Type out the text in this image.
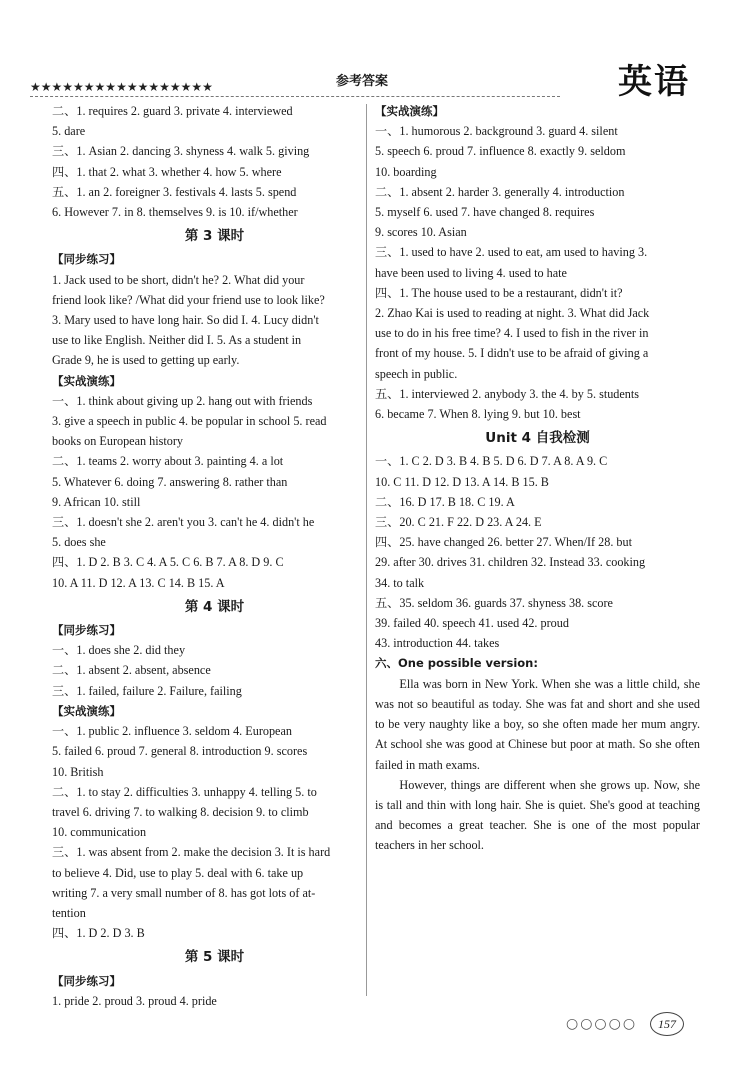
★★★★★★★★★★★★★★★★★	参考答案	英语
二、1. requires 2. guard 3. private 4. interviewed
5. dare
三、1. Asian 2. dancing 3. shyness 4. walk 5. giving
四、1. that 2. what 3. whether 4. how 5. where
五、1. an 2. foreigner 3. festivals 4. lasts 5. spend
6. However 7. in 8. themselves 9. is 10. if/whether
第 3 课时
【同步练习】
1. Jack used to be short, didn't he? 2. What did your
friend look like? /What did your friend use to look like?
3. Mary used to have long hair. So did I. 4. Lucy didn't
use to like English. Neither did I. 5. As a student in
Grade 9, he is used to getting up early.
【实战演练】
一、1. think about giving up 2. hang out with friends
3. give a speech in public 4. be popular in school 5. read
books on European history
二、1. teams 2. worry about 3. painting 4. a lot
5. Whatever 6. doing 7. answering 8. rather than
9. African 10. still
三、1. doesn't she 2. aren't you 3. can't he 4. didn't he
5. does she
四、1. D 2. B 3. C 4. A 5. C 6. B 7. A 8. D 9. C
10. A 11. D 12. A 13. C 14. B 15. A
第 4 课时
【同步练习】
一、1. does she 2. did they
二、1. absent 2. absent, absence
三、1. failed, failure 2. Failure, failing
【实战演练】
一、1. public 2. influence 3. seldom 4. European
5. failed 6. proud 7. general 8. introduction 9. scores
10. British
二、1. to stay 2. difficulties 3. unhappy 4. telling 5. to
travel 6. driving 7. to walking 8. decision 9. to climb
10. communication
三、1. was absent from 2. make the decision 3. It is hard
to believe 4. Did, use to play 5. deal with 6. take up
writing 7. a very small number of 8. has got lots of at-
tention
四、1. D 2. D 3. B
第 5 课时
【同步练习】
1. pride 2. proud 3. proud 4. pride
【实战演练】
一、1. humorous 2. background 3. guard 4. silent
5. speech 6. proud 7. influence 8. exactly 9. seldom
10. boarding
二、1. absent 2. harder 3. generally 4. introduction
5. myself 6. used 7. have changed 8. requires
9. scores 10. Asian
三、1. used to have 2. used to eat, am used to having 3.
have been used to living 4. used to hate
四、1. The house used to be a restaurant, didn't it?
2. Zhao Kai is used to reading at night. 3. What did Jack
use to do in his free time? 4. I used to fish in the river in
front of my house. 5. I didn't use to be afraid of giving a
speech in public.
五、1. interviewed 2. anybody 3. the 4. by 5. students
6. became 7. When 8. lying 9. but 10. best
Unit 4 自我检测
一、1. C 2. D 3. B 4. B 5. D 6. D 7. A 8. A 9. C
10. C 11. D 12. D 13. A 14. B 15. B
二、16. D 17. B 18. C 19. A
三、20. C 21. F 22. D 23. A 24. E
四、25. have changed 26. better 27. When/If 28. but
29. after 30. drives 31. children 32. Instead 33. cooking
34. to talk
五、35. seldom 36. guards 37. shyness 38. score
39. failed 40. speech 41. used 42. proud
43. introduction 44. takes
六、One possible version:

Ella was born in New York. When she was a little child, she was not so beautiful as today. She was fat and short and she used to be very naughty like a boy, so she often made her mum angry. At school she was good at Chinese but poor at math. So she often failed in math exams.

However, things are different when she grows up. Now, she is tall and thin with long hair. She is quiet. She's good at teaching and becomes a great teacher. She is one of the most popular teachers in her school.

○○○○○	157
